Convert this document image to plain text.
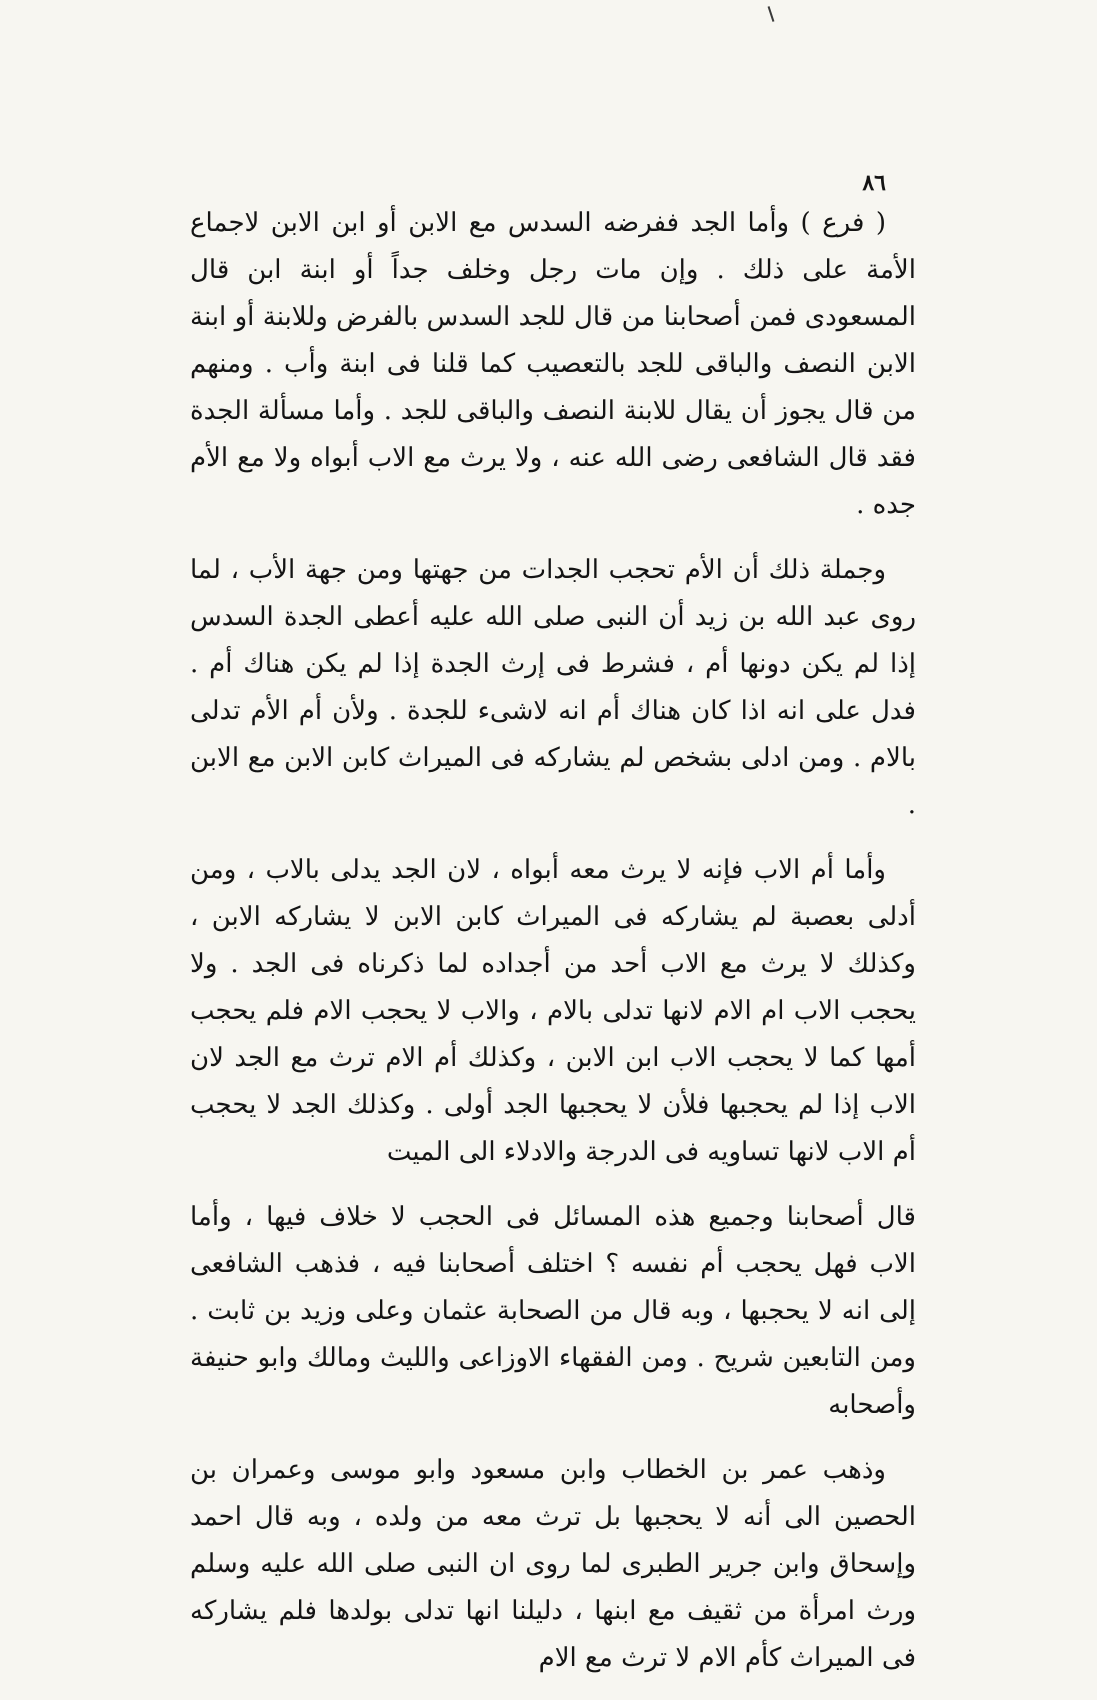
٨٦

( فرع ) وأما الجد ففرضه السدس مع الابن أو ابن الابن لاجماع الأمة على ذلك . وإن مات رجل وخلف جداً أو ابنة ابن قال المسعودى فمن أصحابنا من قال للجد السدس بالفرض وللابنة أو ابنة الابن النصف والباقى للجد بالتعصيب كما قلنا فى ابنة وأب . ومنهم من قال يجوز أن يقال للابنة النصف والباقى للجد . وأما مسألة الجدة فقد قال الشافعى رضى الله عنه ، ولا يرث مع الاب أبواه ولا مع الأم جده .

وجملة ذلك أن الأم تحجب الجدات من جهتها ومن جهة الأب ، لما روى عبد الله بن زيد أن النبى صلى الله عليه أعطى الجدة السدس إذا لم يكن دونها أم ، فشرط فى إرث الجدة إذا لم يكن هناك أم . فدل على انه اذا كان هناك أم انه لاشىء للجدة . ولأن أم الأم تدلى بالام . ومن ادلى بشخص لم يشاركه فى الميراث كابن الابن مع الابن .

وأما أم الاب فإنه لا يرث معه أبواه ، لان الجد يدلى بالاب ، ومن أدلى بعصبة لم يشاركه فى الميراث كابن الابن لا يشاركه الابن ، وكذلك لا يرث مع الاب أحد من أجداده لما ذكرناه فى الجد . ولا يحجب الاب ام الام لانها تدلى بالام ، والاب لا يحجب الام فلم يحجب أمها كما لا يحجب الاب ابن الابن ، وكذلك أم الام ترث مع الجد لان الاب إذا لم يحجبها فلأن لا يحجبها الجد أولى . وكذلك الجد لا يحجب أم الاب لانها تساويه فى الدرجة والادلاء الى الميت

قال أصحابنا وجميع هذه المسائل فى الحجب لا خلاف فيها ، وأما الاب فهل يحجب أم نفسه ؟ اختلف أصحابنا فيه ، فذهب الشافعى إلى انه لا يحجبها ، وبه قال من الصحابة عثمان وعلى وزيد بن ثابت . ومن التابعين شريح . ومن الفقهاء الاوزاعى والليث ومالك وابو حنيفة وأصحابه

وذهب عمر بن الخطاب وابن مسعود وابو موسى وعمران بن الحصين الى أنه لا يحجبها بل ترث معه من ولده ، وبه قال احمد وإسحاق وابن جرير الطبرى لما روى ان النبى صلى الله عليه وسلم ورث امرأة من ثقيف مع ابنها ، دليلنا انها تدلى بولدها فلم يشاركه فى الميراث كأم الام لا ترث مع الام
